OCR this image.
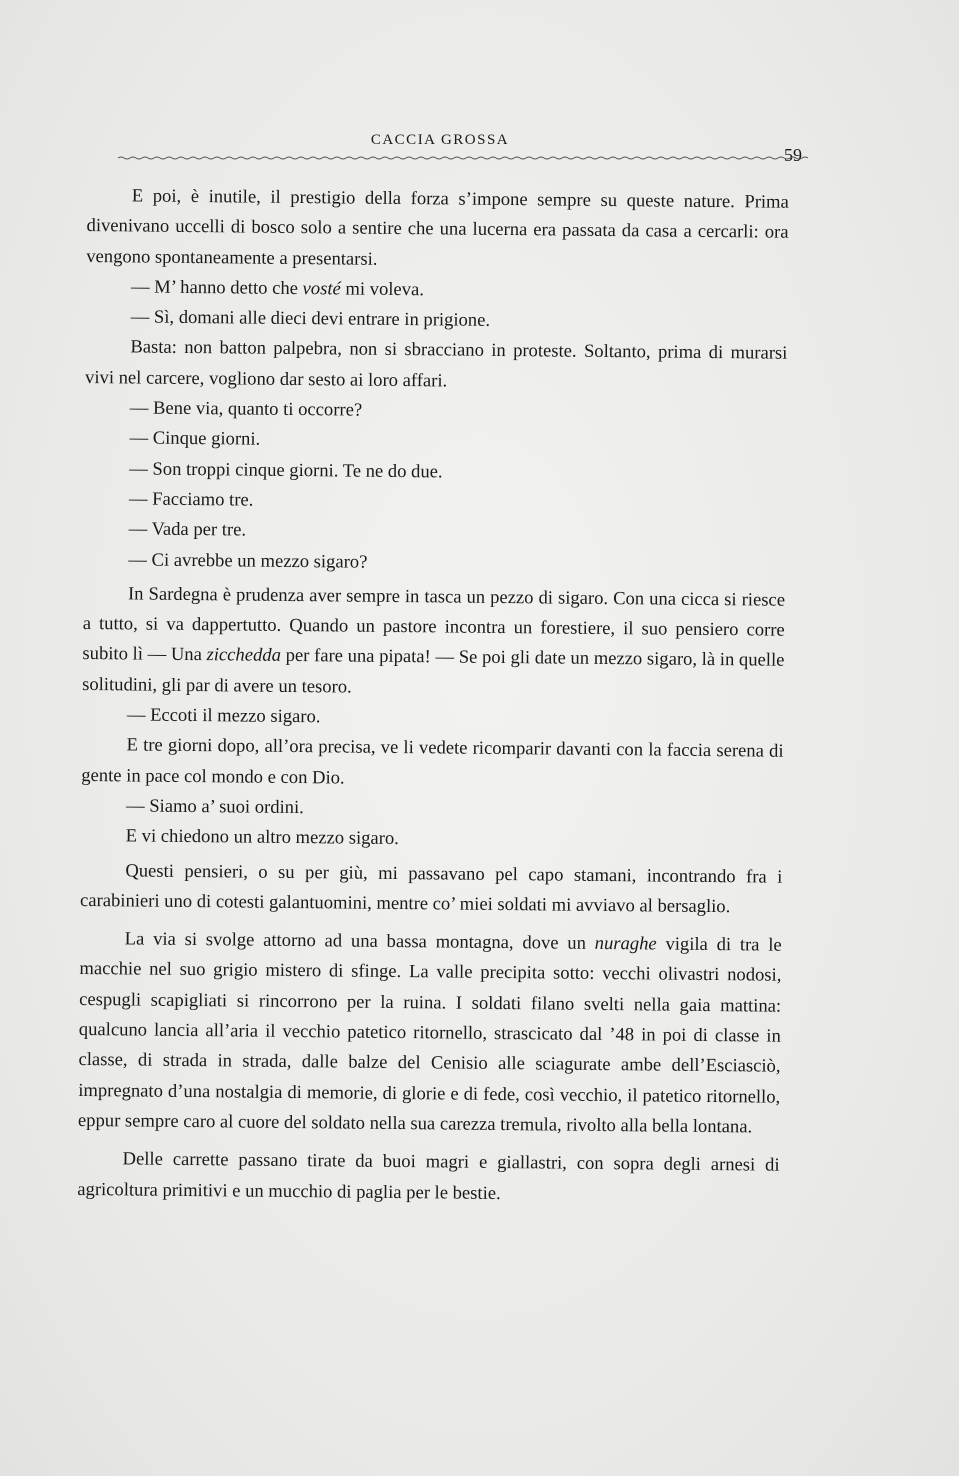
CACCIA GROSSA
59

E poi, è inutile, il prestigio della forza s’impone sempre su queste nature. Prima divenivano uccelli di bosco solo a sentire che una lucerna era passata da casa a cercarli: ora vengono spontaneamente a presentarsi.

— M’ hanno detto che vosté mi voleva.

— Sì, domani alle dieci devi entrare in prigione.

Basta: non batton palpebra, non si sbracciano in proteste. Soltanto, prima di murarsi vivi nel carcere, vogliono dar sesto ai loro affari.

— Bene via, quanto ti occorre?

— Cinque giorni.

— Son troppi cinque giorni. Te ne do due.

— Facciamo tre.

— Vada per tre.

— Ci avrebbe un mezzo sigaro?

In Sardegna è prudenza aver sempre in tasca un pezzo di sigaro. Con una cicca si riesce a tutto, si va dappertutto. Quando un pastore incontra un forestiere, il suo pensiero corre subito lì — Una zicchedda per fare una pipata! — Se poi gli date un mezzo sigaro, là in quelle solitudini, gli par di avere un tesoro.

— Eccoti il mezzo sigaro.

E tre giorni dopo, all’ora precisa, ve li vedete ricomparir davanti con la faccia serena di gente in pace col mondo e con Dio.

— Siamo a’ suoi ordini.

E vi chiedono un altro mezzo sigaro.

Questi pensieri, o su per giù, mi passavano pel capo stamani, incontrando fra i carabinieri uno di cotesti galantuomini, mentre co’ miei soldati mi avviavo al bersaglio.

La via si svolge attorno ad una bassa montagna, dove un nuraghe vigila di tra le macchie nel suo grigio mistero di sfinge. La valle precipita sotto: vecchi olivastri nodosi, cespugli scapigliati si rincorrono per la ruina. I soldati filano svelti nella gaia mattina: qualcuno lancia all’aria il vecchio patetico ritornello, strascicato dal ’48 in poi di classe in classe, di strada in strada, dalle balze del Cenisio alle sciagurate ambe dell’Esciasciò, impregnato d’una nostalgia di memorie, di glorie e di fede, così vecchio, il patetico ritornello, eppur sempre caro al cuore del soldato nella sua carezza tremula, rivolto alla bella lontana.

Delle carrette passano tirate da buoi magri e giallastri, con sopra degli arnesi di agricoltura primitivi e un mucchio di paglia per le bestie.
